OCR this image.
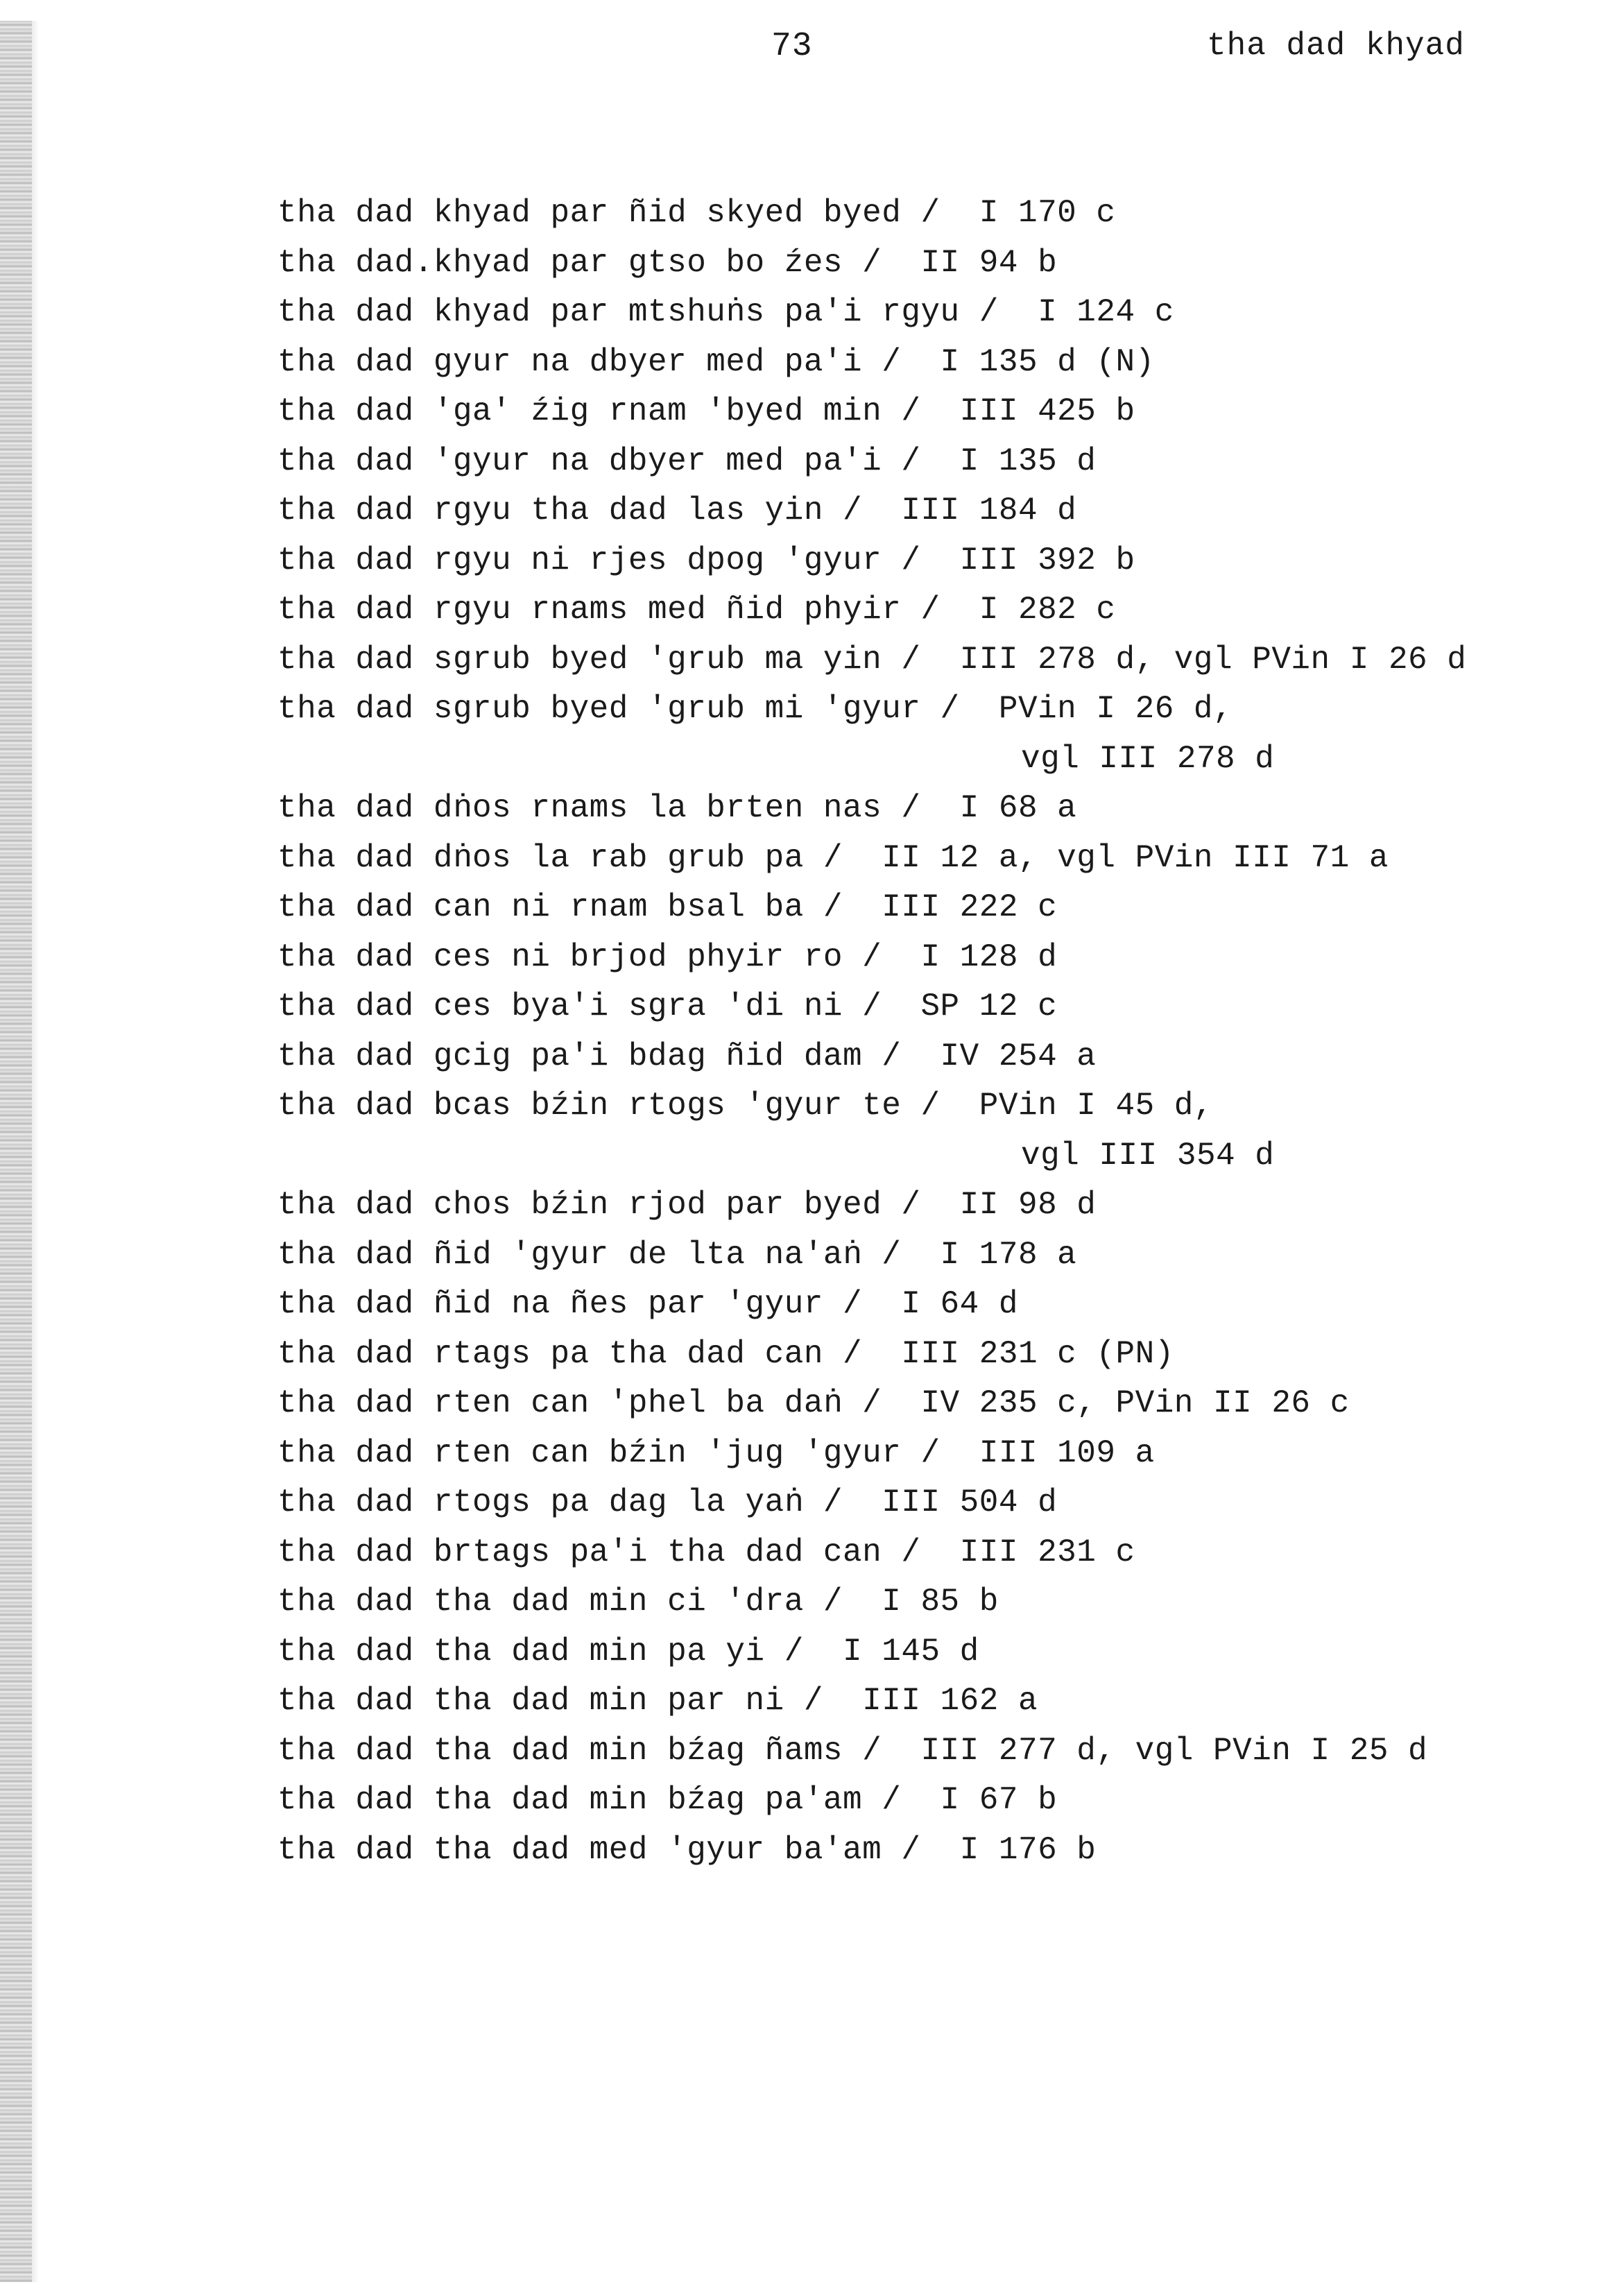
73	tha dad khyad
tha dad khyad par ñid skyed byed /  I 170 c
tha dad.khyad par gtso bo źes /  II 94 b
tha dad khyad par mtshuṅs pa'i rgyu /  I 124 c
tha dad gyur na dbyer med pa'i /  I 135 d (N)
tha dad 'ga' źig rnam 'byed min /  III 425 b
tha dad 'gyur na dbyer med pa'i /  I 135 d
tha dad rgyu tha dad las yin /  III 184 d
tha dad rgyu ni rjes dpog 'gyur /  III 392 b
tha dad rgyu rnams med ñid phyir /  I 282 c
tha dad sgrub byed 'grub ma yin /  III 278 d, vgl PVin I 26 d
tha dad sgrub byed 'grub mi 'gyur /  PVin I 26 d,
vgl III 278 d
tha dad dṅos rnams la brten nas /  I 68 a
tha dad dṅos la rab grub pa /  II 12 a, vgl PVin III 71 a
tha dad can ni rnam bsal ba /  III 222 c
tha dad ces ni brjod phyir ro /  I 128 d
tha dad ces bya'i sgra 'di ni /  SP 12 c
tha dad gcig pa'i bdag ñid dam /  IV 254 a
tha dad bcas bźin rtogs 'gyur te /  PVin I 45 d,
vgl III 354 d
tha dad chos bźin rjod par byed /  II 98 d
tha dad ñid 'gyur de lta na'aṅ /  I 178 a
tha dad ñid na ñes par 'gyur /  I 64 d
tha dad rtags pa tha dad can /  III 231 c (PN)
tha dad rten can 'phel ba daṅ /  IV 235 c, PVin II 26 c
tha dad rten can bźin 'jug 'gyur /  III 109 a
tha dad rtogs pa dag la yaṅ /  III 504 d
tha dad brtags pa'i tha dad can /  III 231 c
tha dad tha dad min ci 'dra /  I 85 b
tha dad tha dad min pa yi /  I 145 d
tha dad tha dad min par ni /  III 162 a
tha dad tha dad min bźag ñams /  III 277 d, vgl PVin I 25 d
tha dad tha dad min bźag pa'am /  I 67 b
tha dad tha dad med 'gyur ba'am /  I 176 b
